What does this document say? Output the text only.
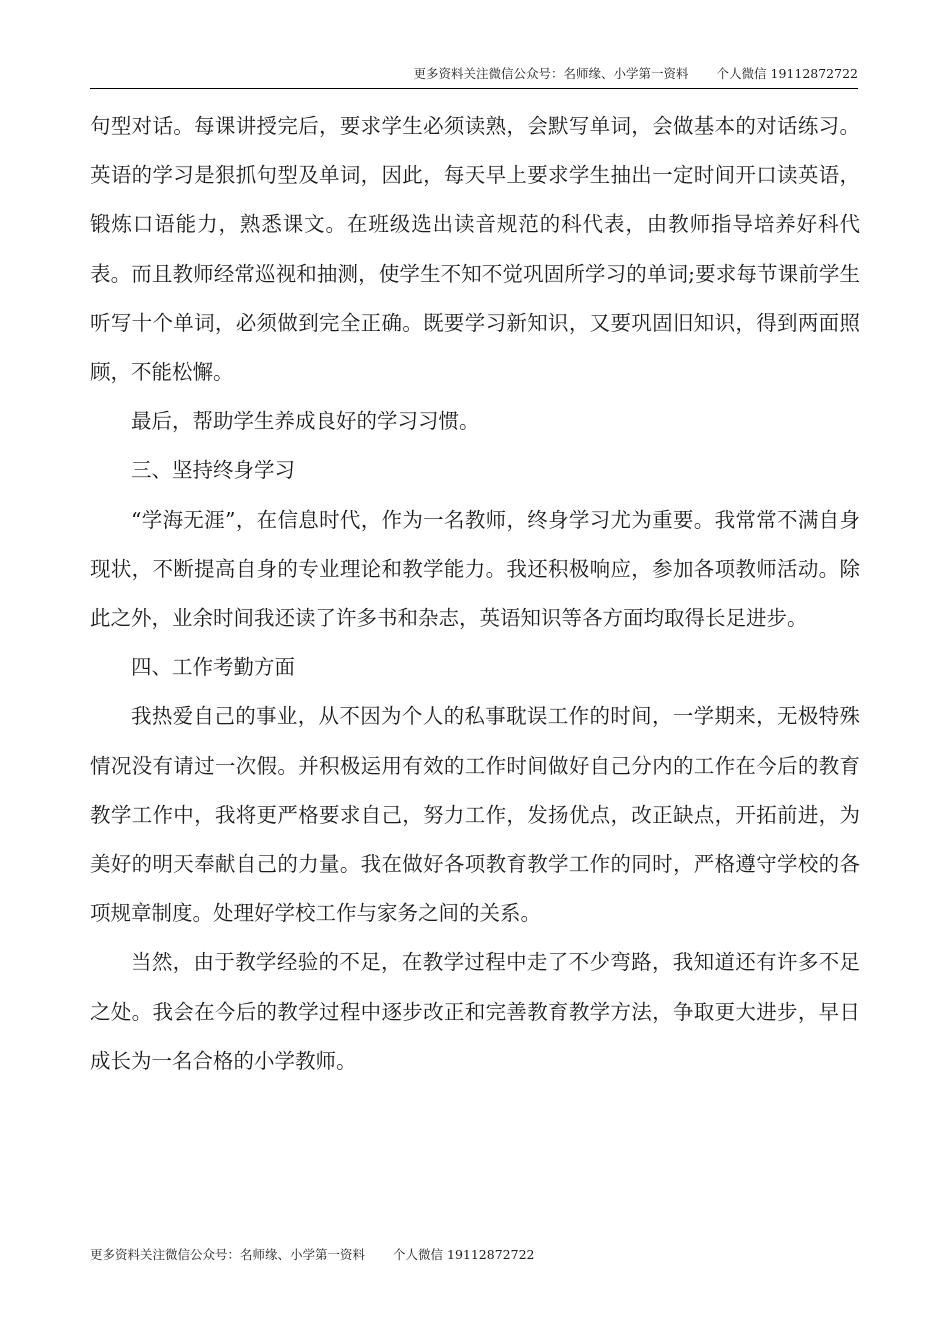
更多资料关注微信公众号：名师缘、小学第一资料 个人微信 19112872722

句型对话。每课讲授完后，要求学生必须读熟，会默写单词，会做基本的对话练习。英语的学习是狠抓句型及单词，因此，每天早上要求学生抽出一定时间开口读英语，锻炼口语能力，熟悉课文。在班级选出读音规范的科代表，由教师指导培养好科代表。而且教师经常巡视和抽测，使学生不知不觉巩固所学习的单词;要求每节课前学生听写十个单词，必须做到完全正确。既要学习新知识，又要巩固旧知识，得到两面照顾，不能松懈。

最后，帮助学生养成良好的学习习惯。

三、坚持终身学习

“学海无涯”，在信息时代，作为一名教师，终身学习尤为重要。我常常不满自身现状，不断提高自身的专业理论和教学能力。我还积极响应，参加各项教师活动。除此之外，业余时间我还读了许多书和杂志，英语知识等各方面均取得长足进步。

四、工作考勤方面

我热爱自己的事业，从不因为个人的私事耽误工作的时间，一学期来，无极特殊情况没有请过一次假。并积极运用有效的工作时间做好自己分内的工作在今后的教育教学工作中，我将更严格要求自己，努力工作，发扬优点，改正缺点，开拓前进，为美好的明天奉献自己的力量。我在做好各项教育教学工作的同时，严格遵守学校的各项规章制度。处理好学校工作与家务之间的关系。

当然，由于教学经验的不足，在教学过程中走了不少弯路，我知道还有许多不足之处。我会在今后的教学过程中逐步改正和完善教育教学方法，争取更大进步，早日成长为一名合格的小学教师。

更多资料关注微信公众号：名师缘、小学第一资料 个人微信 19112872722
